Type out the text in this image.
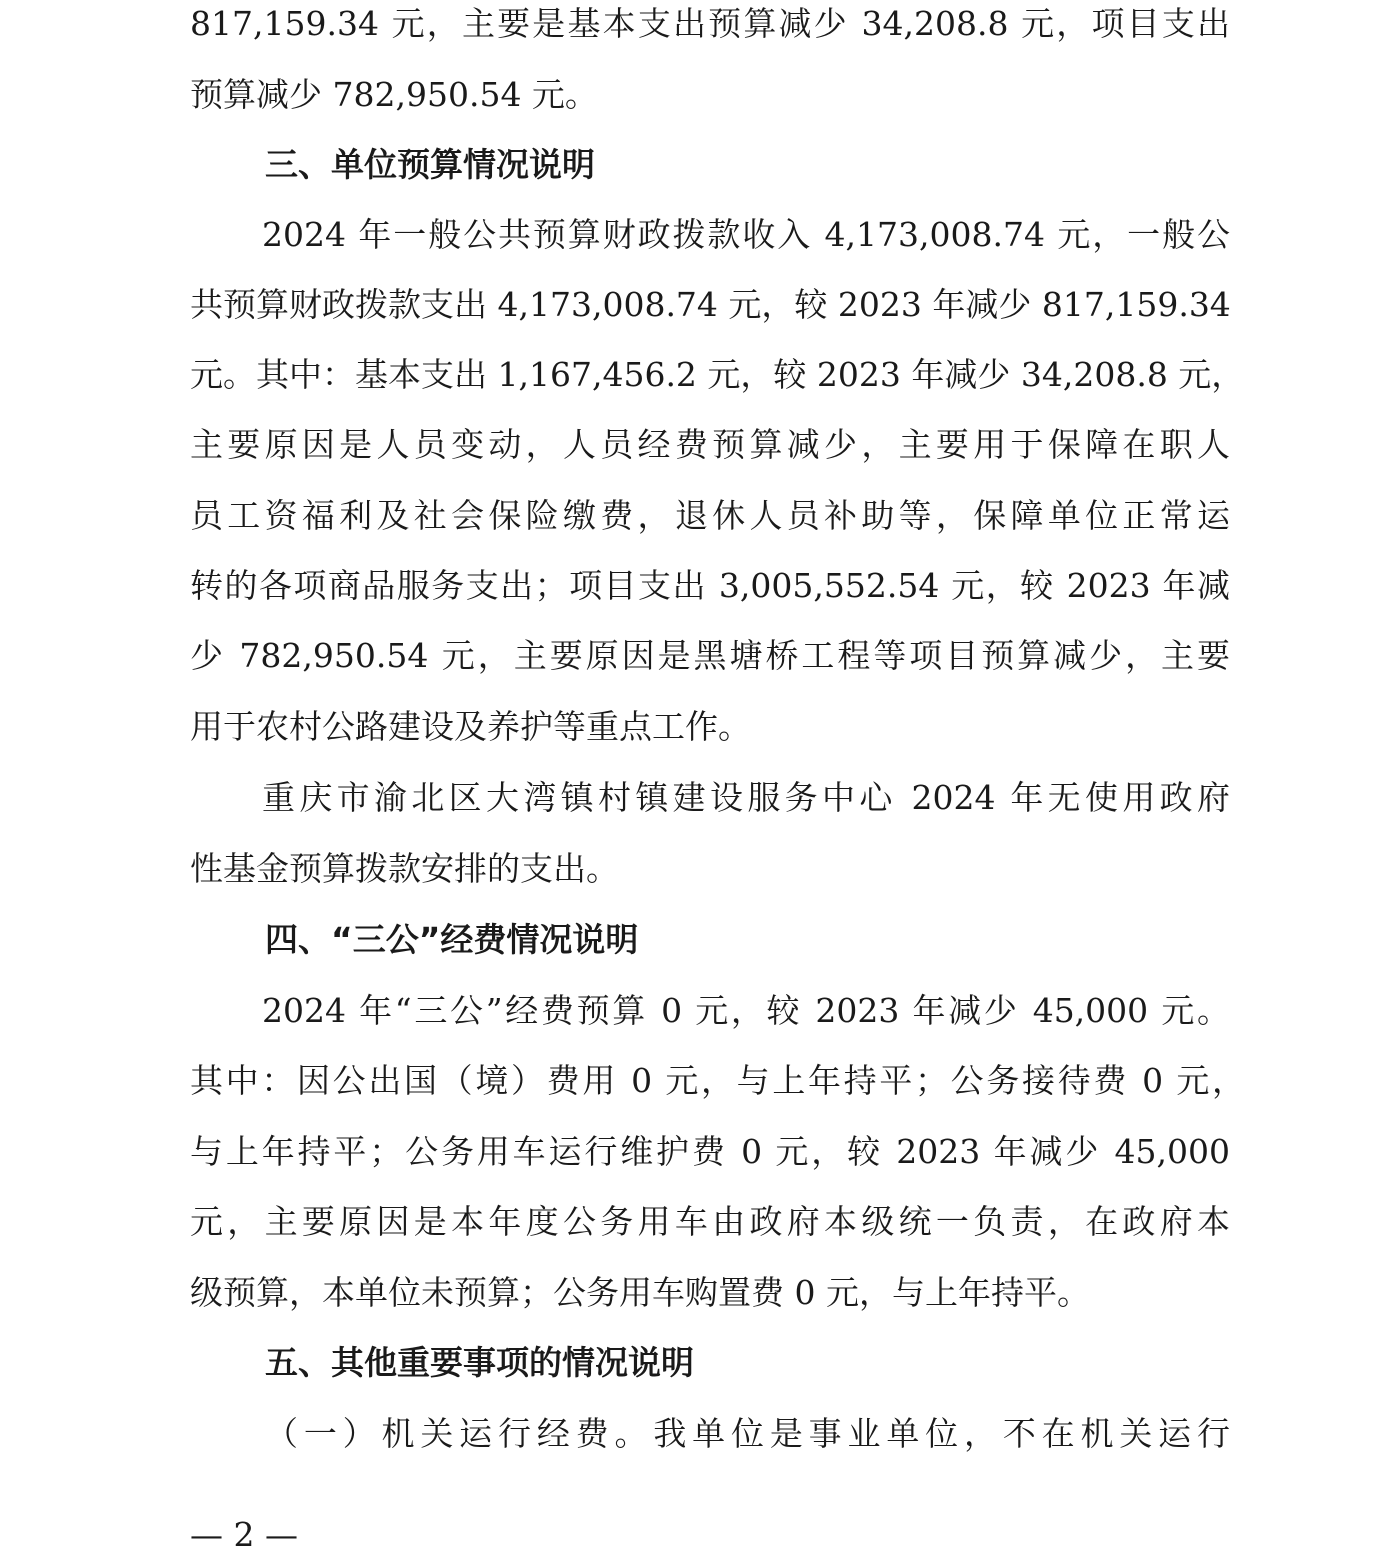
817,159.34 元，主要是基本支出预算减少 34,208.8 元，项目支出
预算减少 782,950.54 元。
三、单位预算情况说明
2024 年一般公共预算财政拨款收入 4,173,008.74 元，一般公
共预算财政拨款支出 4,173,008.74 元，较 2023 年减少 817,159.34
元。其中：基本支出 1,167,456.2 元，较 2023 年减少 34,208.8 元，
主要原因是人员变动，人员经费预算减少，主要用于保障在职人
员工资福利及社会保险缴费，退休人员补助等，保障单位正常运
转的各项商品服务支出；项目支出 3,005,552.54 元，较 2023 年减
少 782,950.54 元，主要原因是黑塘桥工程等项目预算减少，主要
用于农村公路建设及养护等重点工作。
重庆市渝北区大湾镇村镇建设服务中心 2024 年无使用政府
性基金预算拨款安排的支出。
四、“三公”经费情况说明
2024 年“三公”经费预算 0 元，较 2023 年减少 45,000 元。
其中：因公出国（境）费用 0 元，与上年持平；公务接待费 0 元，
与上年持平；公务用车运行维护费 0 元，较 2023 年减少 45,000
元，主要原因是本年度公务用车由政府本级统一负责，在政府本
级预算，本单位未预算；公务用车购置费 0 元，与上年持平。
五、其他重要事项的情况说明
（一）机关运行经费。我单位是事业单位，不在机关运行
— 2 —
